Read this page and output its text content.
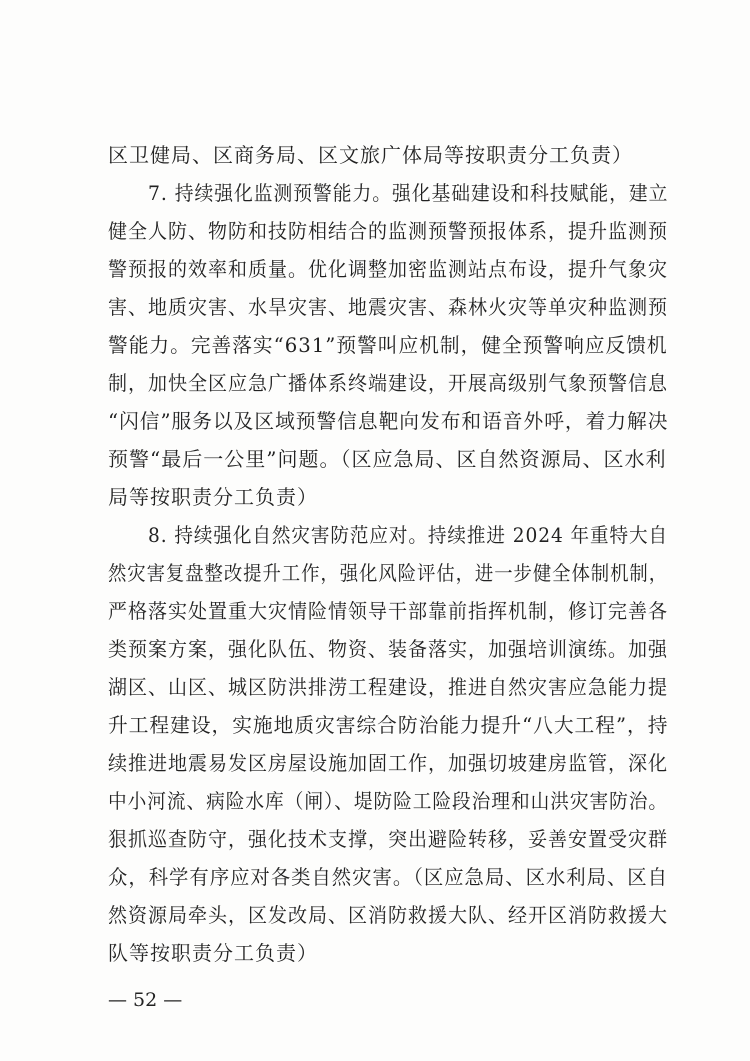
区卫健局、区商务局、区文旅广体局等按职责分工负责）
7. 持续强化监测预警能力。强化基础建设和科技赋能，建立
健全人防、物防和技防相结合的监测预警预报体系，提升监测预
警预报的效率和质量。优化调整加密监测站点布设，提升气象灾
害、地质灾害、水旱灾害、地震灾害、森林火灾等单灾种监测预
警能力。完善落实“631”预警叫应机制，健全预警响应反馈机
制，加快全区应急广播体系终端建设，开展高级别气象预警信息
“闪信”服务以及区域预警信息靶向发布和语音外呼，着力解决
预警“最后一公里”问题。（区应急局、区自然资源局、区水利
局等按职责分工负责）
8. 持续强化自然灾害防范应对。持续推进 2024 年重特大自
然灾害复盘整改提升工作，强化风险评估，进一步健全体制机制，
严格落实处置重大灾情险情领导干部靠前指挥机制，修订完善各
类预案方案，强化队伍、物资、装备落实，加强培训演练。加强
湖区、山区、城区防洪排涝工程建设，推进自然灾害应急能力提
升工程建设，实施地质灾害综合防治能力提升“八大工程”，持
续推进地震易发区房屋设施加固工作，加强切坡建房监管，深化
中小河流、病险水库（闸）、堤防险工险段治理和山洪灾害防治。
狠抓巡查防守，强化技术支撑，突出避险转移，妥善安置受灾群
众，科学有序应对各类自然灾害。（区应急局、区水利局、区自
然资源局牵头，区发改局、区消防救援大队、经开区消防救援大
队等按职责分工负责）
— 52 —
